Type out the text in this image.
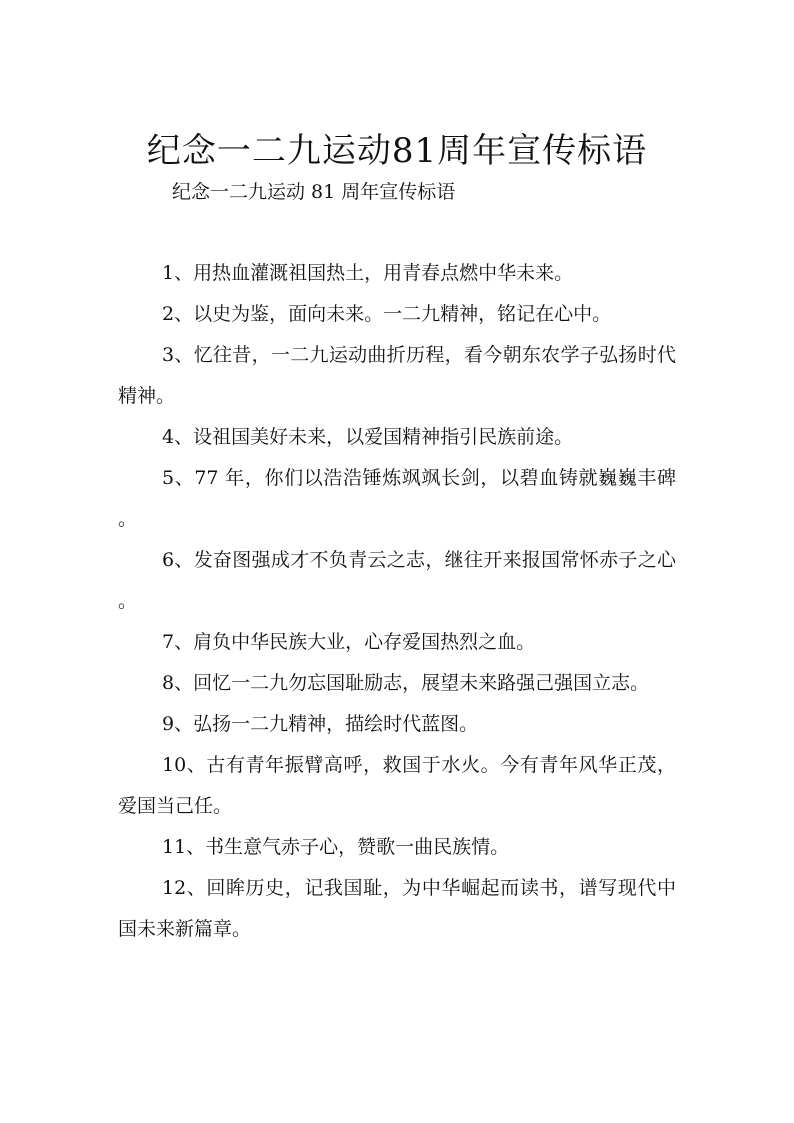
纪念一二九运动81周年宣传标语
纪念一二九运动 81 周年宣传标语

1、用热血灌溉祖国热土，用青春点燃中华未来。

2、以史为鉴，面向未来。一二九精神，铭记在心中。

3、忆往昔，一二九运动曲折历程，看今朝东农学子弘扬时代精神。

4、设祖国美好未来，以爱国精神指引民族前途。

5、77 年，你们以浩浩锤炼飒飒长剑，以碧血铸就巍巍丰碑。

6、发奋图强成才不负青云之志，继往开来报国常怀赤子之心。

7、肩负中华民族大业，心存爱国热烈之血。

8、回忆一二九勿忘国耻励志，展望未来路强己强国立志。

9、弘扬一二九精神，描绘时代蓝图。

10、古有青年振臂高呼，救国于水火。今有青年风华正茂，爱国当己任。

11、书生意气赤子心，赞歌一曲民族情。

12、回眸历史，记我国耻，为中华崛起而读书，谱写现代中国未来新篇章。
